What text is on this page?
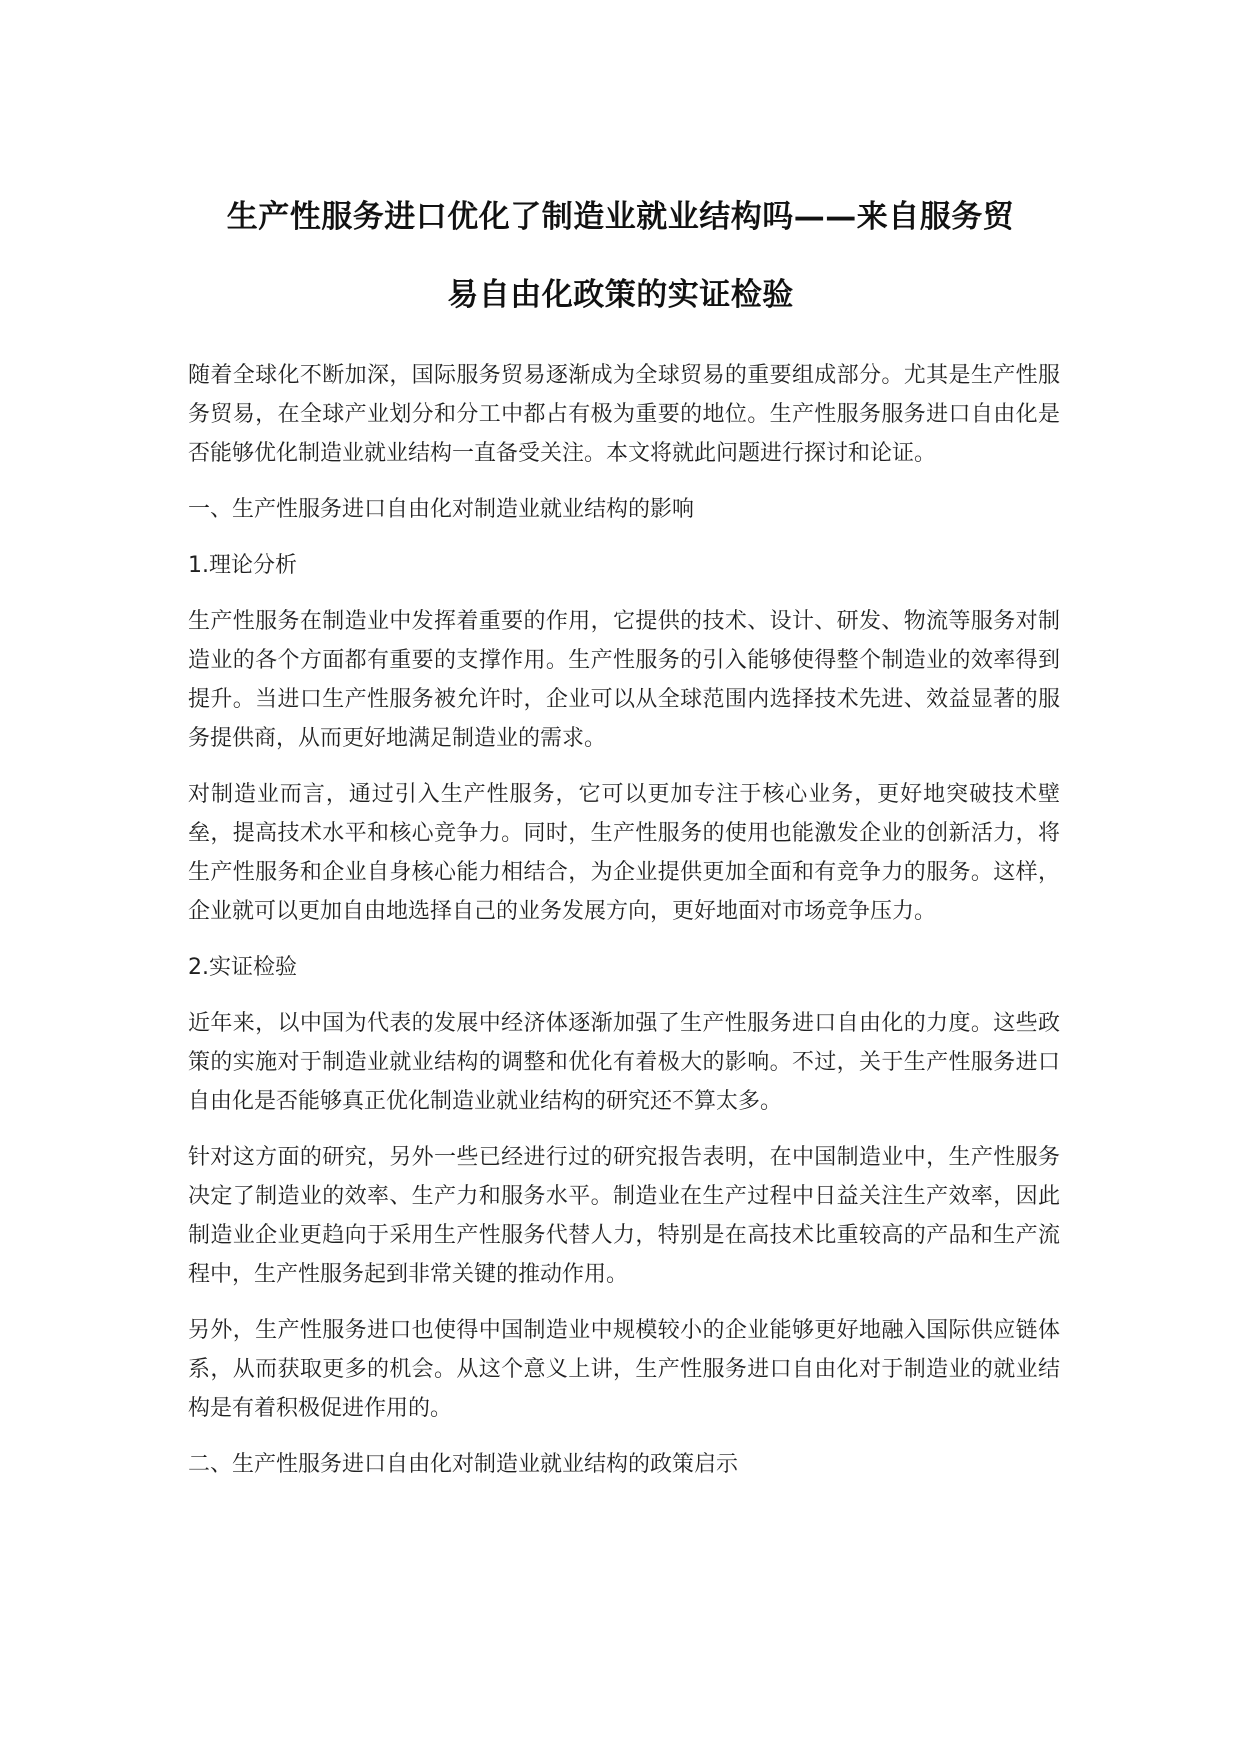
生产性服务进口优化了制造业就业结构吗——来自服务贸
易自由化政策的实证检验
随着全球化不断加深，国际服务贸易逐渐成为全球贸易的重要组成部分。尤其是生产性服务贸易，在全球产业划分和分工中都占有极为重要的地位。生产性服务服务进口自由化是否能够优化制造业就业结构一直备受关注。本文将就此问题进行探讨和论证。
一、生产性服务进口自由化对制造业就业结构的影响
1.理论分析
生产性服务在制造业中发挥着重要的作用，它提供的技术、设计、研发、物流等服务对制造业的各个方面都有重要的支撑作用。生产性服务的引入能够使得整个制造业的效率得到提升。当进口生产性服务被允许时，企业可以从全球范围内选择技术先进、效益显著的服务提供商，从而更好地满足制造业的需求。
对制造业而言，通过引入生产性服务，它可以更加专注于核心业务，更好地突破技术壁垒，提高技术水平和核心竞争力。同时，生产性服务的使用也能激发企业的创新活力，将生产性服务和企业自身核心能力相结合，为企业提供更加全面和有竞争力的服务。这样，企业就可以更加自由地选择自己的业务发展方向，更好地面对市场竞争压力。
2.实证检验
近年来，以中国为代表的发展中经济体逐渐加强了生产性服务进口自由化的力度。这些政策的实施对于制造业就业结构的调整和优化有着极大的影响。不过，关于生产性服务进口自由化是否能够真正优化制造业就业结构的研究还不算太多。
针对这方面的研究，另外一些已经进行过的研究报告表明，在中国制造业中，生产性服务决定了制造业的效率、生产力和服务水平。制造业在生产过程中日益关注生产效率，因此制造业企业更趋向于采用生产性服务代替人力，特别是在高技术比重较高的产品和生产流程中，生产性服务起到非常关键的推动作用。
另外，生产性服务进口也使得中国制造业中规模较小的企业能够更好地融入国际供应链体系，从而获取更多的机会。从这个意义上讲，生产性服务进口自由化对于制造业的就业结构是有着积极促进作用的。
二、生产性服务进口自由化对制造业就业结构的政策启示
